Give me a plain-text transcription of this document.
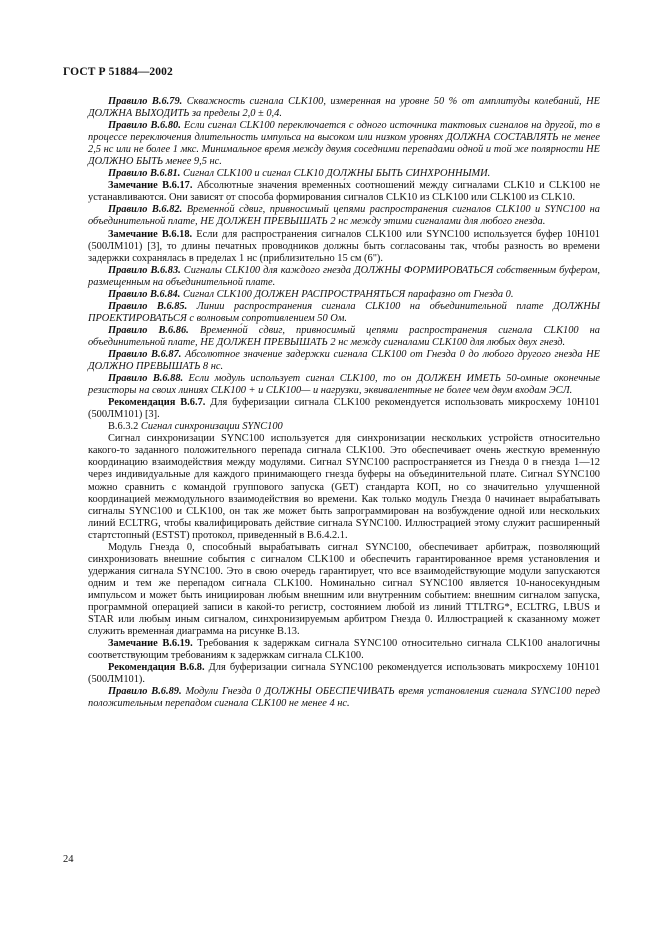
ГОСТ Р 51884—2002

Правило В.6.79. Скважность сигнала CLK100, измеренная на уровне 50 % от амплитуды колебаний, НЕ ДОЛЖНА ВЫХОДИТЬ за пределы 2,0 ± 0,4.

Правило В.6.80. Если сигнал CLK100 переключается с одного источника тактовых сигналов на другой, то в процессе переключения длительность импульса на высоком или низком уровнях ДОЛЖНА СОСТАВЛЯТЬ не менее 2,5 нс или не более 1 мкс. Минимальное время между двумя соседними перепадами одной и той же полярности НЕ ДОЛЖНО БЫТЬ менее 9,5 нс.

Правило В.6.81. Сигнал CLK100 и сигнал CLK10 ДОЛЖНЫ БЫТЬ СИНХРОННЫМИ.

Замечание В.6.17. Абсолютные значения временны́х соотношений между сигналами CLK10 и CLK100 не устанавливаются. Они зависят от способа формирования сигналов CLK10 из CLK100 или CLK100 из CLK10.

Правило В.6.82. Временно́й сдвиг, привносимый цепями распространения сигналов CLK100 и SYNC100 на объединительной плате, НЕ ДОЛЖЕН ПРЕВЫШАТЬ 2 нс между этими сигналами для любого гнезда.

Замечание В.6.18. Если для распространения сигналов CLK100 или SYNC100 используется буфер 10Н101 (500ЛМ101) [3], то длины печатных проводников должны быть согласованы так, чтобы разность во времени задержки сохранялась в пределах 1 нс (приблизительно 15 см (6").

Правило В.6.83. Сигналы CLK100 для каждого гнезда ДОЛЖНЫ ФОРМИРОВАТЬСЯ собственным буфером, размещенным на объединительной плате.

Правило В.6.84. Сигнал CLK100 ДОЛЖЕН РАСПРОСТРАНЯТЬСЯ парафазно от Гнезда 0.

Правило В.6.85. Линии распространения сигнала CLK100 на объединительной плате ДОЛЖНЫ ПРОЕКТИРОВАТЬСЯ с волновым сопротивлением 50 Ом.

Правило В.6.86. Временно́й сдвиг, привносимый цепями распространения сигнала CLK100 на объединительной плате, НЕ ДОЛЖЕН ПРЕВЫШАТЬ 2 нс между сигналами CLK100 для любых двух гнезд.

Правило В.6.87. Абсолютное значение задержки сигнала CLK100 от Гнезда 0 до любого другого гнезда НЕ ДОЛЖНО ПРЕВЫШАТЬ 8 нс.

Правило В.6.88. Если модуль использует сигнал CLK100, то он ДОЛЖЕН ИМЕТЬ 50-омные оконечные резисторы на своих линиях CLK100 + и CLK100— и нагрузки, эквивалентные не более чем двум входам ЭСЛ.

Рекомендация В.6.7. Для буферизации сигнала CLK100 рекомендуется использовать микросхему 10Н101 (500ЛМ101) [3].

В.6.3.2 Сигнал синхронизации SYNC100

Сигнал синхронизации SYNC100 используется для синхронизации нескольких устройств относительно какого-то заданного положительного перепада сигнала CLK100. Это обеспечивает очень жесткую временну́ю координацию взаимодействия между модулями. Сигнал SYNC100 распространяется из Гнезда 0 в гнезда 1—12 через индивидуальные для каждого принимающего гнезда буферы на объединительной плате. Сигнал SYNC100 можно сравнить с командой группового запуска (GET) стандарта КОП, но со значительно улучшенной координацией межмодульного взаимодействия во времени. Как только модуль Гнезда 0 начинает вырабатывать сигналы SYNC100 и CLK100, он так же может быть запрограммирован на возбуждение одной или нескольких линий ECLTRG, чтобы квалифицировать действие сигнала SYNC100. Иллюстрацией этому служит расширенный стартстопный (ESTST) протокол, приведенный в В.6.4.2.1.

Модуль Гнезда 0, способный вырабатывать сигнал SYNC100, обеспечивает арбитраж, позволяющий синхронизовать внешние события с сигналом CLK100 и обеспечить гарантированное время установления и удержания сигнала SYNC100. Это в свою очередь гарантирует, что все взаимодействующие модули запускаются одним и тем же перепадом сигнала CLK100. Номинально сигнал SYNC100 является 10-наносекундным импульсом и может быть инициирован любым внешним или внутренним событием: внешним сигналом запуска, программной операцией записи в какой-то регистр, состоянием любой из линий TTLTRG*, ECLTRG, LBUS и STAR или любым иным сигналом, синхронизируемым арбитром Гнезда 0. Иллюстрацией к сказанному может служить временна́я диаграмма на рисунке В.13.

Замечание В.6.19. Требования к задержкам сигнала SYNC100 относительно сигнала CLK100 аналогичны соответствующим требованиям к задержкам сигнала CLK100.

Рекомендация В.6.8. Для буферизации сигнала SYNC100 рекомендуется использовать микросхему 10Н101 (500ЛМ101).

Правило В.6.89. Модули Гнезда 0 ДОЛЖНЫ ОБЕСПЕЧИВАТЬ время установления сигнала SYNC100 перед положительным перепадом сигнала CLK100 не менее 4 нс.

24
